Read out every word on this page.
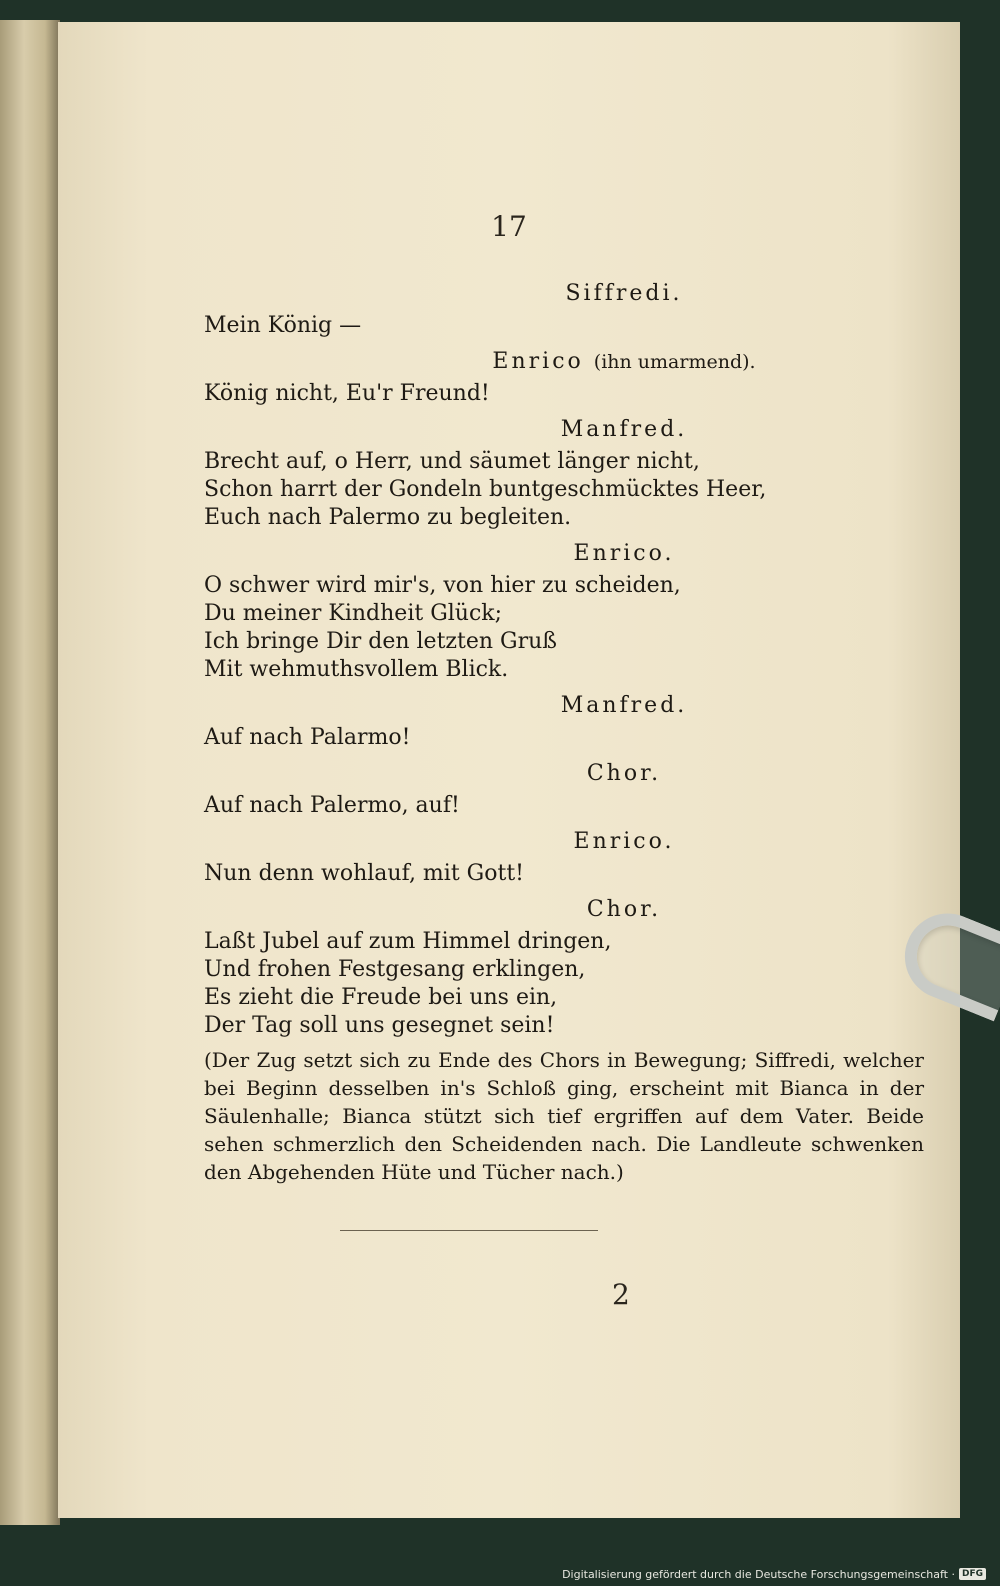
17
Siffredi.
Mein König —
Enrico (ihn umarmend).
König nicht, Eu'r Freund!
Manfred.
Brecht auf, o Herr, und säumet länger nicht,
Schon harrt der Gondeln buntgeschmücktes Heer,
Euch nach Palermo zu begleiten.
Enrico.
O schwer wird mir's, von hier zu scheiden,
Du meiner Kindheit Glück;
Ich bringe Dir den letzten Gruß
Mit wehmuthsvollem Blick.
Manfred.
Auf nach Palarmo!
Chor.
Auf nach Palermo, auf!
Enrico.
Nun denn wohlauf, mit Gott!
Chor.
Laßt Jubel auf zum Himmel dringen,
Und frohen Festgesang erklingen,
Es zieht die Freude bei uns ein,
Der Tag soll uns gesegnet sein!
(Der Zug setzt sich zu Ende des Chors in Bewegung; Siffredi, welcher bei Beginn desselben in's Schloß ging, erscheint mit Bianca in der Säulenhalle; Bianca stützt sich tief ergriffen auf dem Vater. Beide sehen schmerzlich den Scheidenden nach. Die Landleute schwenken den Abgehenden Hüte und Tücher nach.)
2
Digitalisierung gefördert durch die Deutsche Forschungsgemeinschaft · DFG
